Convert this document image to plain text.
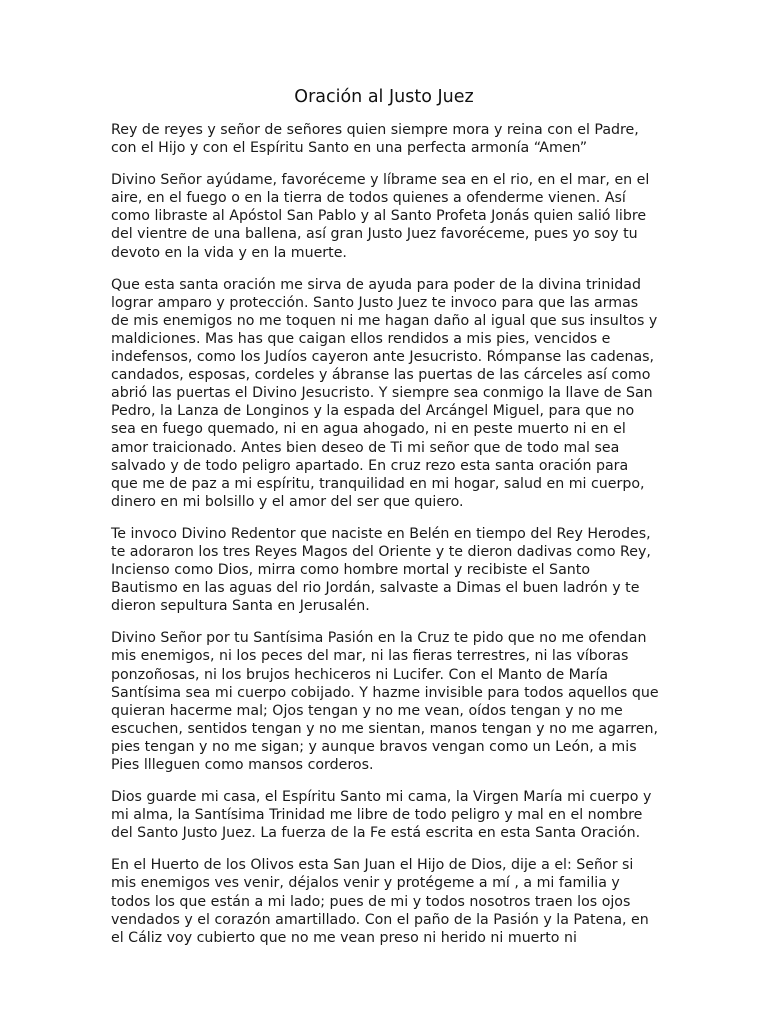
Oración al Justo Juez

Rey de reyes y señor de señores quien siempre mora y reina con el Padre,
con el Hijo y con el Espíritu Santo en una perfecta armonía “Amen”

Divino Señor ayúdame, favoréceme y líbrame sea en el rio, en el mar, en el
aire, en el fuego o en la tierra de todos quienes a ofenderme vienen. Así
como libraste al Apóstol San Pablo y al Santo Profeta Jonás quien salió libre
del vientre de una ballena, así gran Justo Juez favoréceme, pues yo soy tu
devoto en la vida y en la muerte.

Que esta santa oración me sirva de ayuda para poder de la divina trinidad
lograr amparo y protección. Santo Justo Juez te invoco para que las armas
de mis enemigos no me toquen ni me hagan daño al igual que sus insultos y
maldiciones. Mas has que caigan ellos rendidos a mis pies, vencidos e
indefensos, como los Judíos cayeron ante Jesucristo. Rómpanse las cadenas,
candados, esposas, cordeles y ábranse las puertas de las cárceles así como
abrió las puertas el Divino Jesucristo. Y siempre sea conmigo la llave de San
Pedro, la Lanza de Longinos y la espada del Arcángel Miguel, para que no
sea en fuego quemado, ni en agua ahogado, ni en peste muerto ni en el
amor traicionado. Antes bien deseo de Ti mi señor que de todo mal sea
salvado y de todo peligro apartado. En cruz rezo esta santa oración para
que me de paz a mi espíritu, tranquilidad en mi hogar, salud en mi cuerpo,
dinero en mi bolsillo y el amor del ser que quiero.

Te invoco Divino Redentor que naciste en Belén en tiempo del Rey Herodes,
te adoraron los tres Reyes Magos del Oriente y te dieron dadivas como Rey,
Incienso como Dios, mirra como hombre mortal y recibiste el Santo
Bautismo en las aguas del rio Jordán, salvaste a Dimas el buen ladrón y te
dieron sepultura Santa en Jerusalén.

Divino Señor por tu Santísima Pasión en la Cruz te pido que no me ofendan
mis enemigos, ni los peces del mar, ni las fieras terrestres, ni las víboras
ponzoñosas, ni los brujos hechiceros ni Lucifer. Con el Manto de María
Santísima sea mi cuerpo cobijado. Y hazme invisible para todos aquellos que
quieran hacerme mal; Ojos tengan y no me vean, oídos tengan y no me
escuchen, sentidos tengan y no me sientan, manos tengan y no me agarren,
pies tengan y no me sigan; y aunque bravos vengan como un León, a mis
Pies llleguen como mansos corderos.

Dios guarde mi casa, el Espíritu Santo mi cama, la Virgen María mi cuerpo y
mi alma, la Santísima Trinidad me libre de todo peligro y mal en el nombre
del Santo Justo Juez. La fuerza de la Fe está escrita en esta Santa Oración.

En el Huerto de los Olivos esta San Juan el Hijo de Dios, dije a el: Señor si
mis enemigos ves venir, déjalos venir y protégeme a mí , a mi familia y
todos los que están a mi lado; pues de mi y todos nosotros traen los ojos
vendados y el corazón amartillado. Con el paño de la Pasión y la Patena, en
el Cáliz voy cubierto que no me vean preso ni herido ni muerto ni
